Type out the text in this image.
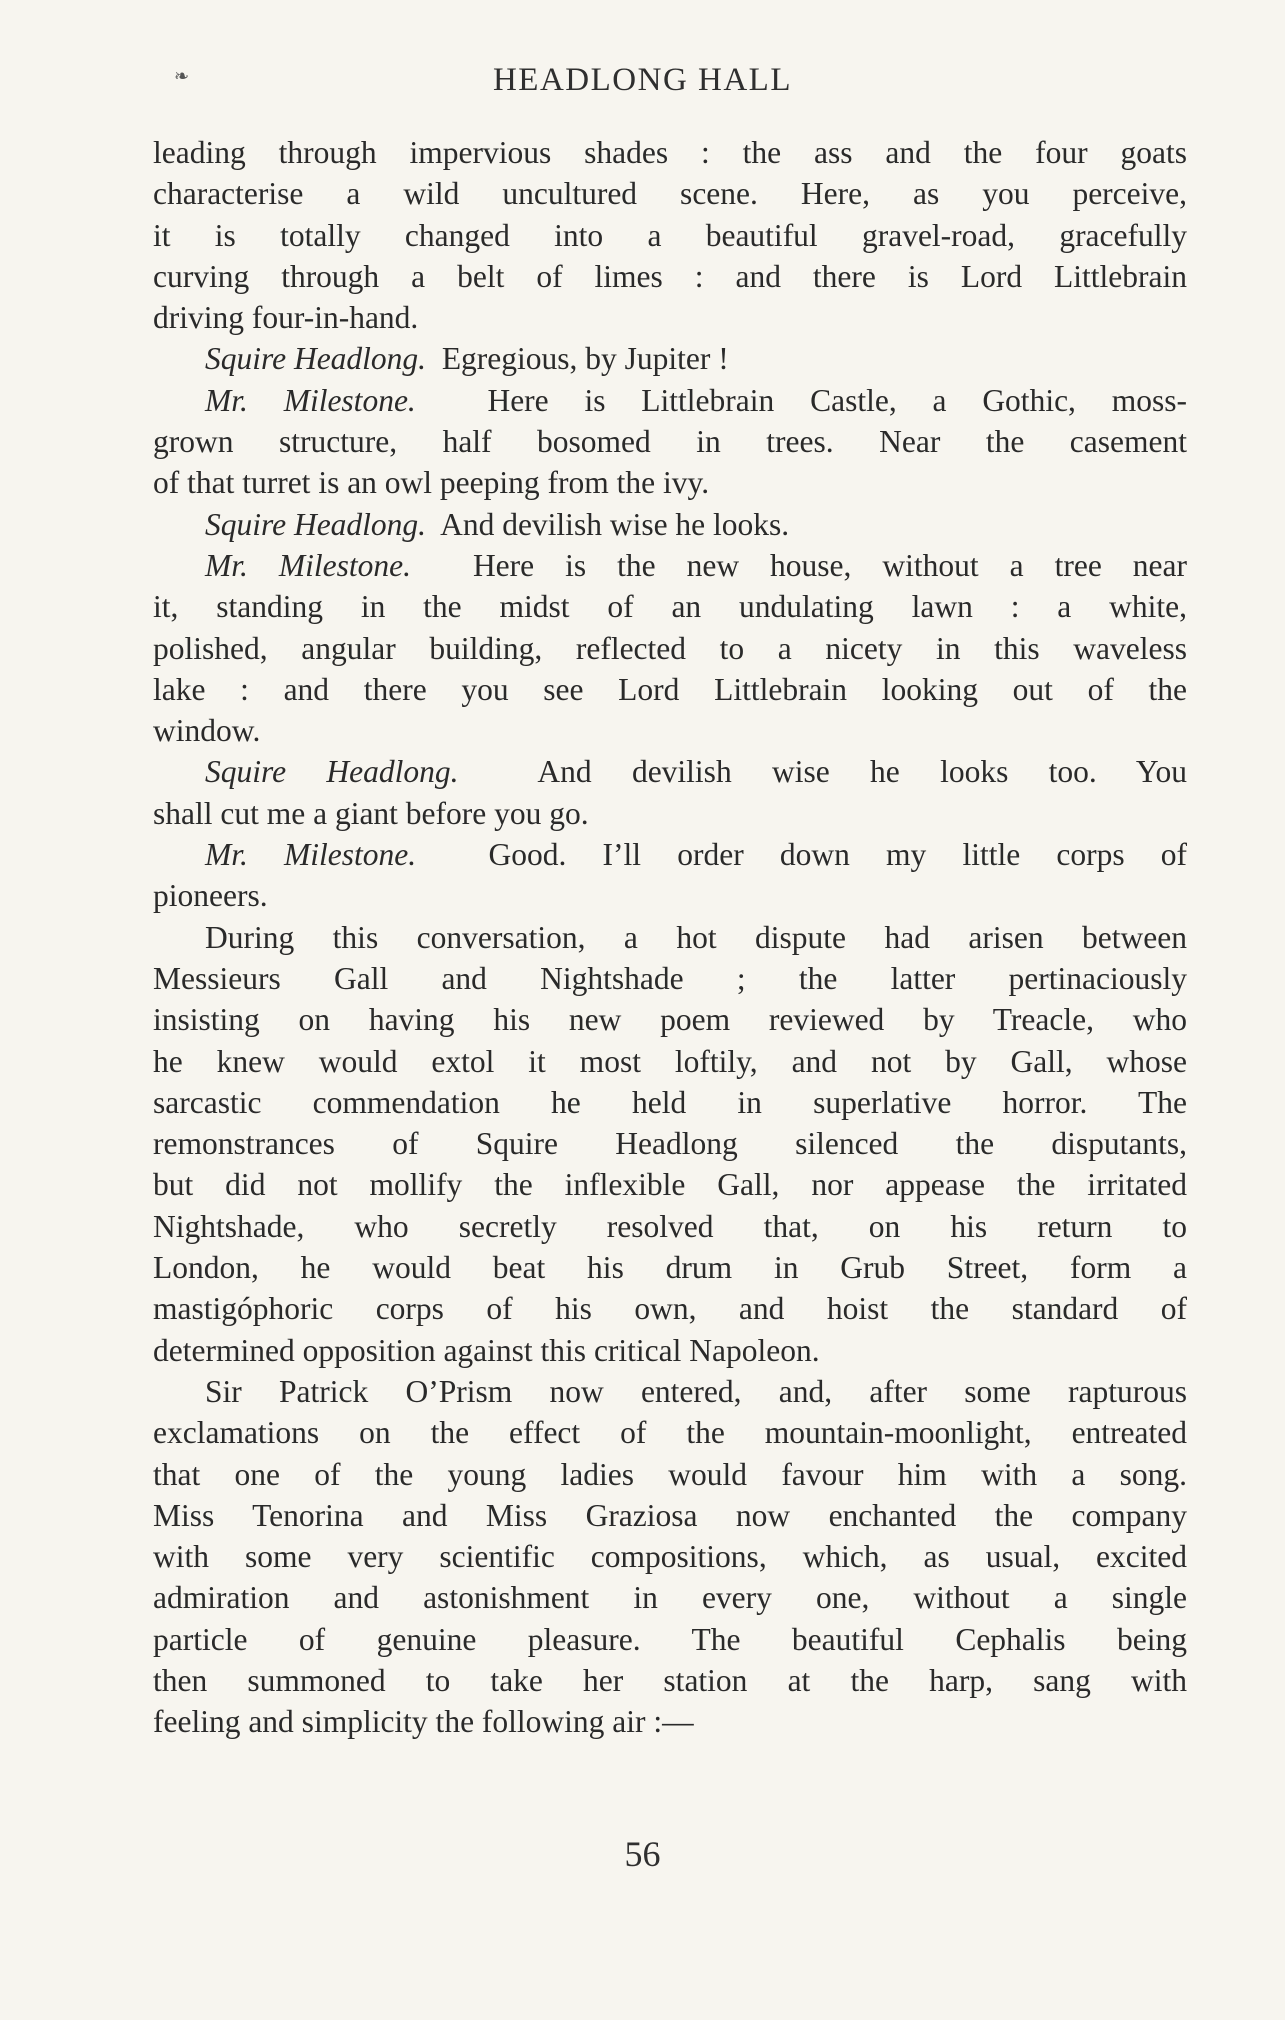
❧	HEADLONG HALL
leading through impervious shades : the ass and the four goats
characterise a wild uncultured scene. Here, as you perceive,
it is totally changed into a beautiful gravel-road, gracefully
curving through a belt of limes : and there is Lord Littlebrain
driving four-in-hand.
Squire Headlong. Egregious, by Jupiter !
Mr. Milestone. Here is Littlebrain Castle, a Gothic, moss-
grown structure, half bosomed in trees. Near the casement
of that turret is an owl peeping from the ivy.
Squire Headlong. And devilish wise he looks.
Mr. Milestone. Here is the new house, without a tree near
it, standing in the midst of an undulating lawn : a white,
polished, angular building, reflected to a nicety in this waveless
lake : and there you see Lord Littlebrain looking out of the
window.
Squire Headlong.	And devilish wise he looks too. You
shall cut me a giant before you go.
Mr. Milestone. Good. I’ll order down my little corps of
pioneers.
During this conversation, a hot dispute had arisen between
Messieurs Gall and Nightshade ; the latter pertinaciously
insisting on having his new poem reviewed by Treacle, who
he knew would extol it most loftily, and not by Gall, whose
sarcastic commendation he held in superlative horror. The
remonstrances of Squire Headlong silenced the disputants,
but did not mollify the inflexible Gall, nor appease the irritated
Nightshade, who secretly resolved that, on his return to
London, he would beat his drum in Grub Street, form a
mastigóphoric corps of his own, and hoist the standard of
determined opposition against this critical Napoleon.
Sir Patrick O’Prism now entered, and, after some rapturous
exclamations on the effect of the mountain-moonlight, entreated
that one of the young ladies would favour him with a song.
Miss Tenorina and Miss Graziosa now enchanted the company
with some very scientific compositions, which, as usual, excited
admiration and astonishment in every one, without a single
particle of genuine pleasure. The beautiful Cephalis being
then summoned to take her station at the harp, sang with
feeling and simplicity the following air :—
56
